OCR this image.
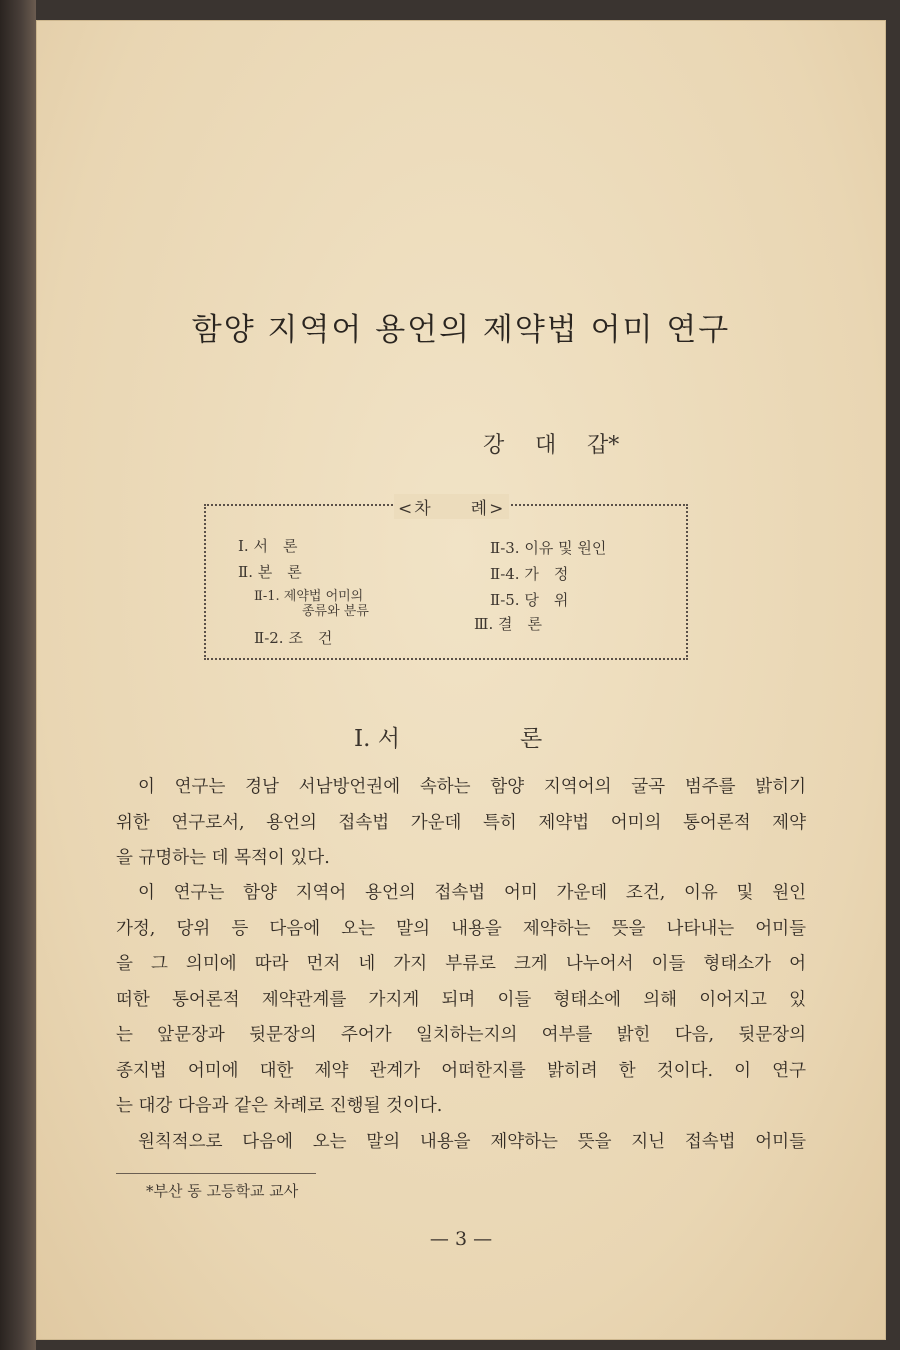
함양 지역어 용언의 제약법 어미 연구
강 대 갑*
<차　　례>
Ⅰ. 서　론
Ⅱ. 본　론
Ⅱ-1. 제약법 어미의
종류와 분류
Ⅱ-2. 조　건
Ⅱ-3. 이유 및 원인
Ⅱ-4. 가　정
Ⅱ-5. 당　위
Ⅲ. 결　론
Ⅰ. 서	론
이 연구는 경남 서남방언권에 속하는 함양 지역어의 굴곡 범주를 밝히기
위한 연구로서, 용언의 접속법 가운데 특히 제약법 어미의 통어론적 제약
을 규명하는 데 목적이 있다.
이 연구는 함양 지역어 용언의 접속법 어미 가운데 조건, 이유 및 원인
가정, 당위 등 다음에 오는 말의 내용을 제약하는 뜻을 나타내는 어미들
을 그 의미에 따라 먼저 네 가지 부류로 크게 나누어서 이들 형태소가 어
떠한 통어론적 제약관계를 가지게 되며 이들 형태소에 의해 이어지고 있
는 앞문장과 뒷문장의 주어가 일치하는지의 여부를 밝힌 다음, 뒷문장의
종지법 어미에 대한 제약 관계가 어떠한지를 밝히려 한 것이다. 이 연구
는 대강 다음과 같은 차례로 진행될 것이다.
원칙적으로 다음에 오는 말의 내용을 제약하는 뜻을 지닌 접속법 어미들
*부산 동 고등학교 교사
— 3 —
